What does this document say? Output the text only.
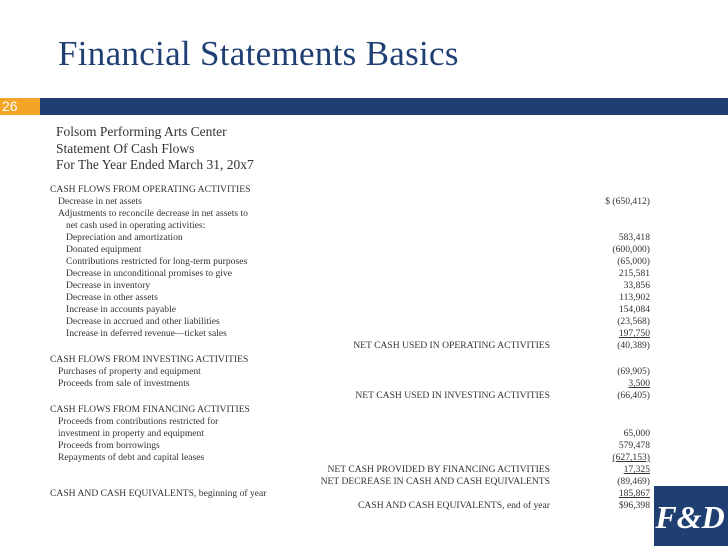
Financial Statements Basics
26
Folsom Performing Arts Center
Statement Of Cash Flows
For The Year Ended March 31, 20x7
CASH FLOWS FROM OPERATING ACTIVITIES
Decrease in net assets	$ (650,412)
Adjustments to reconcile decrease in net assets to
net cash used in operating activities:
Depreciation and amortization	583,418
Donated equipment	(600,000)
Contributions restricted for long-term purposes	(65,000)
Decrease in unconditional promises to give	215,581
Decrease in inventory	33,856
Decrease in other assets	113,902
Increase in accounts payable	154,084
Decrease in accrued and other liabilities	(23,568)
Increase in deferred revenue—ticket sales	197,750
NET CASH USED IN OPERATING ACTIVITIES	(40,389)
CASH FLOWS FROM INVESTING ACTIVITIES
Purchases of property and equipment	(69,905)
Proceeds from sale of investments	3,500
NET CASH USED IN INVESTING ACTIVITIES	(66,405)
CASH FLOWS FROM FINANCING ACTIVITIES
Proceeds from contributions restricted for
investment in property and equipment	65,000
Proceeds from borrowings	579,478
Repayments of debt and capital leases	(627,153)
NET CASH PROVIDED BY FINANCING ACTIVITIES	17,325
NET DECREASE IN CASH AND CASH EQUIVALENTS	(89,469)
CASH AND CASH EQUIVALENTS, beginning of year	185,867
CASH AND CASH EQUIVALENTS, end of year	$96,398 F&D
